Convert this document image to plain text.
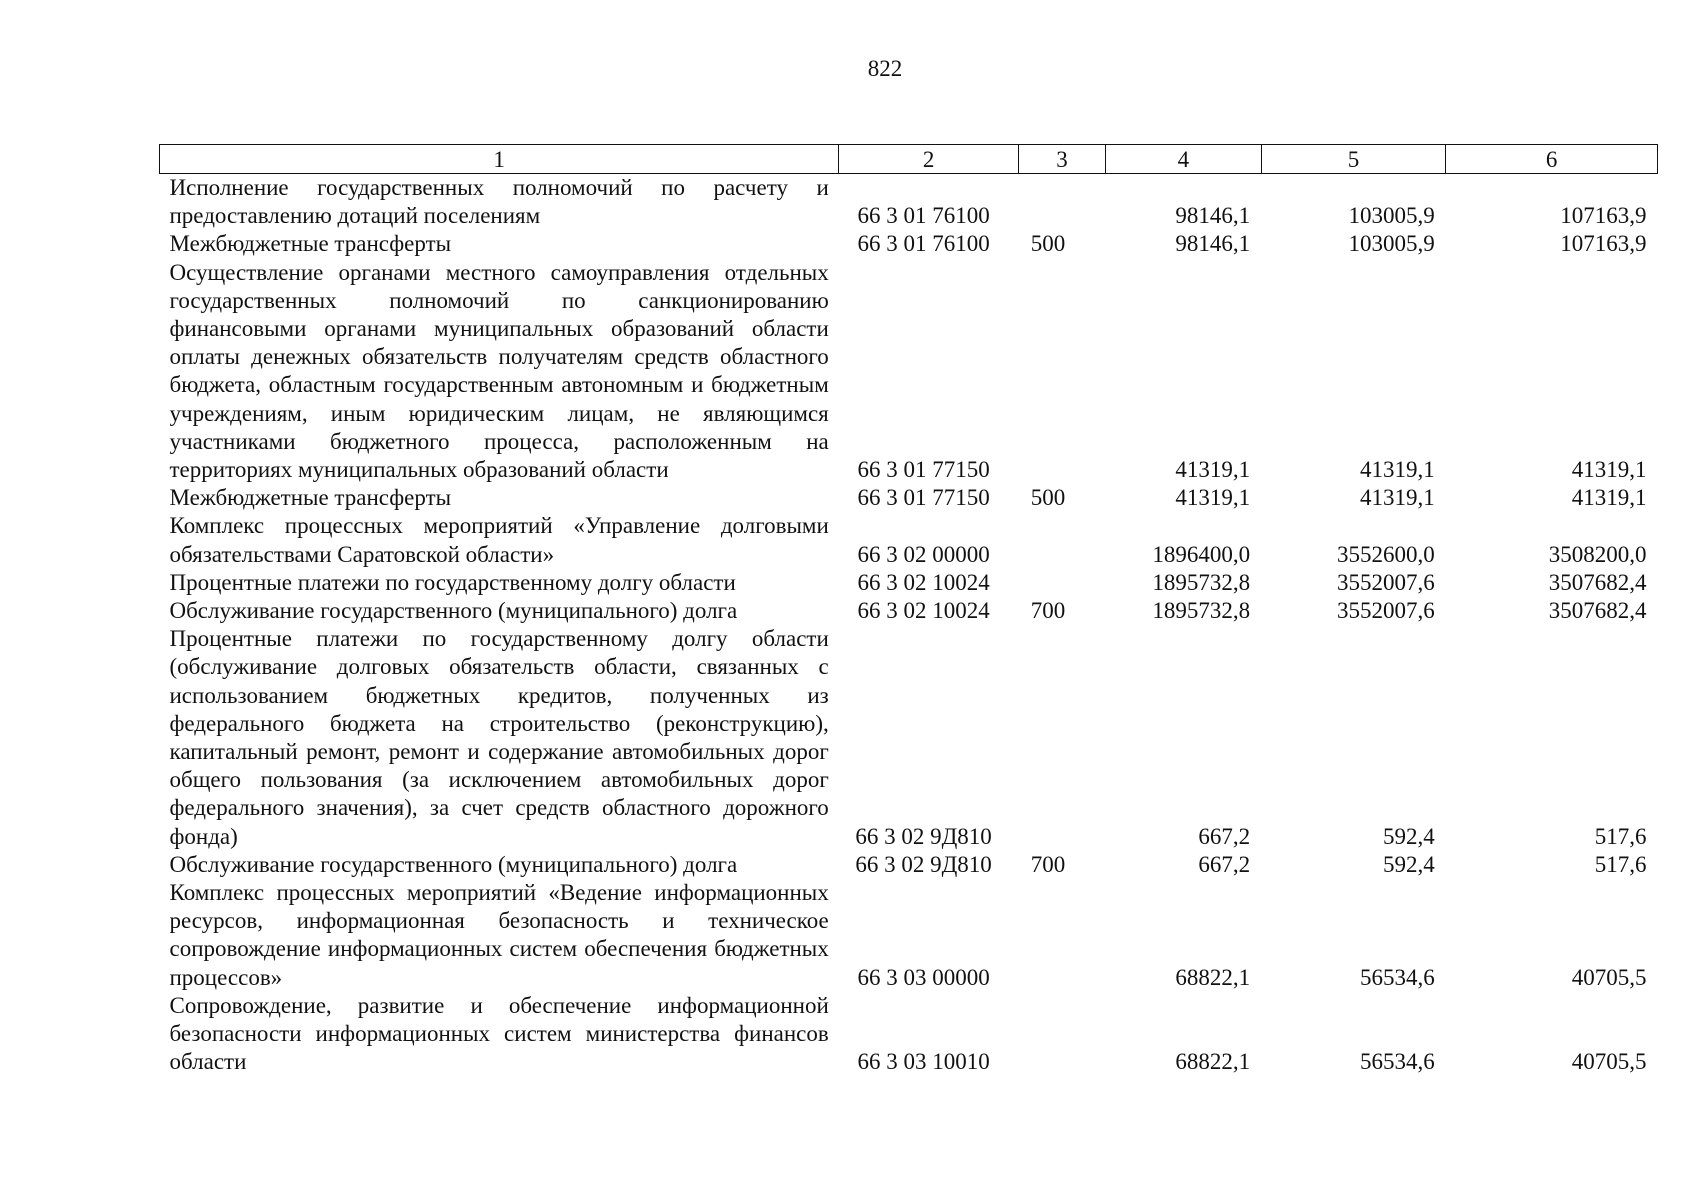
822
1	2	3	4	5	6
Исполнение государственных полномочий по расчету и предоставлению дотаций поселениям	66 3 01 76100		98146,1	103005,9	107163,9
Межбюджетные трансферты	66 3 01 76100	500	98146,1	103005,9	107163,9
Осуществление органами местного самоуправления отдельных государственных полномочий по санкционированию финансовыми органами муниципальных образований области оплаты денежных обязательств получателям средств областного бюджета, областным государственным автономным и бюджетным учреждениям, иным юридическим лицам, не являющимся участниками бюджетного процесса, расположенным на территориях муниципальных образований области	66 3 01 77150		41319,1	41319,1	41319,1
Межбюджетные трансферты	66 3 01 77150	500	41319,1	41319,1	41319,1
Комплекс процессных мероприятий «Управление долговыми обязательствами Саратовской области»	66 3 02 00000		1896400,0	3552600,0	3508200,0
Процентные платежи по государственному долгу области	66 3 02 10024		1895732,8	3552007,6	3507682,4
Обслуживание государственного (муниципального) долга	66 3 02 10024	700	1895732,8	3552007,6	3507682,4
Процентные платежи по государственному долгу области (обслуживание долговых обязательств области, связанных с использованием бюджетных кредитов, полученных из федерального бюджета на строительство (реконструкцию), капитальный ремонт, ремонт и содержание автомобильных дорог общего пользования (за исключением автомобильных дорог федерального значения), за счет средств областного дорожного фонда)	66 3 02 9Д810		667,2	592,4	517,6
Обслуживание государственного (муниципального) долга	66 3 02 9Д810	700	667,2	592,4	517,6
Комплекс процессных мероприятий «Ведение информационных ресурсов, информационная безопасность и техническое сопровождение информационных систем обеспечения бюджетных процессов»	66 3 03 00000		68822,1	56534,6	40705,5
Сопровождение, развитие и обеспечение информационной безопасности информационных систем министерства финансов области	66 3 03 10010		68822,1	56534,6	40705,5
